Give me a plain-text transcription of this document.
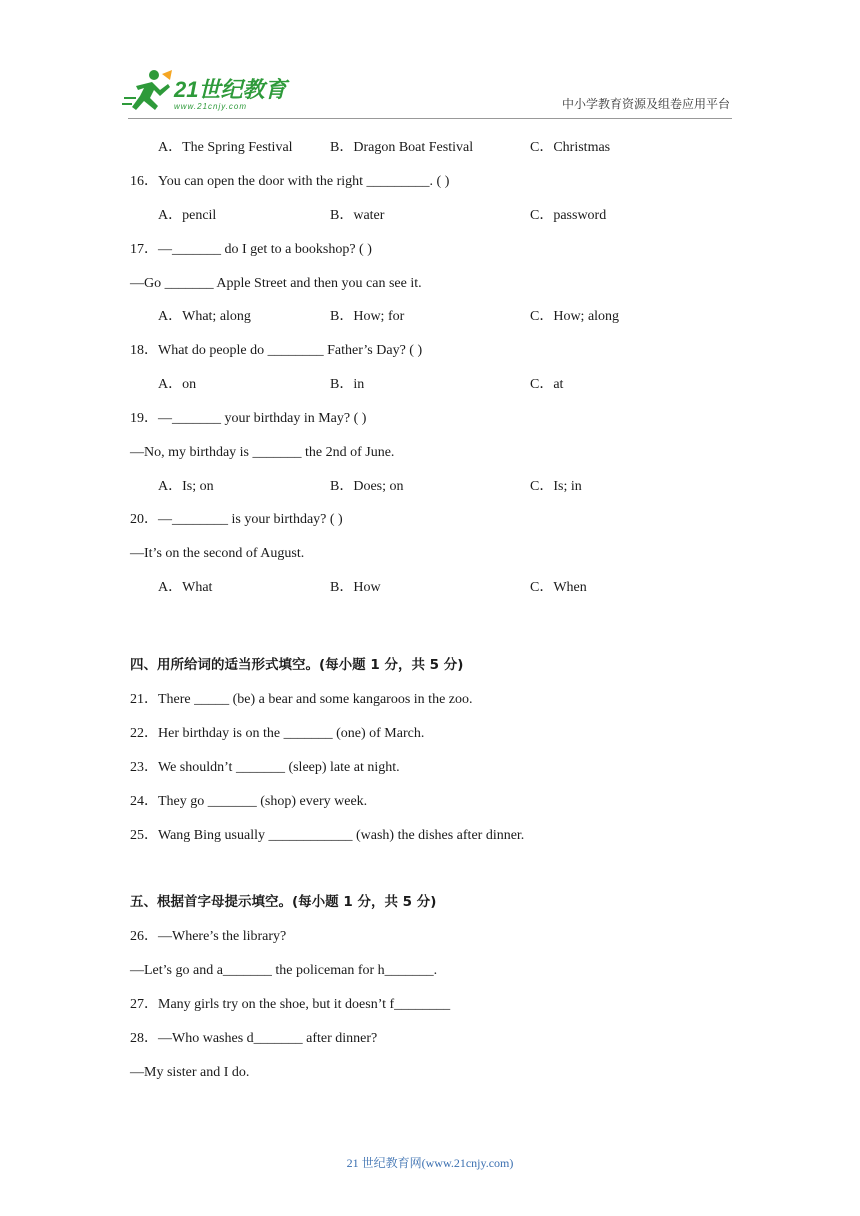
21世纪教育
www.21cnjy.com	中小学教育资源及组卷应用平台
A．The Spring Festival	B．Dragon Boat Festival	C．Christmas
16．You can open the door with the right _________. ( )
A．pencil	B．water	C．password
17．—_______ do I get to a bookshop? ( )
—Go _______ Apple Street and then you can see it.
A．What; along	B．How; for	C．How; along
18．What do people do ________ Father’s Day? ( )
A．on	B．in	C．at
19．—_______ your birthday in May? ( )
—No, my birthday is _______ the 2nd of June.
A．Is; on	B．Does; on	C．Is; in
20．—________ is your birthday? ( )
—It’s on the second of August.
A．What	B．How	C．When
四、用所给词的适当形式填空。(每小题 1 分，共 5 分)
21．There _____ (be) a bear and some kangaroos in the zoo.
22．Her birthday is on the _______ (one) of March.
23．We shouldn’t _______ (sleep) late at night.
24．They go _______ (shop) every week.
25．Wang Bing usually ____________ (wash) the dishes after dinner.
五、根据首字母提示填空。(每小题 1 分，共 5 分)
26．—Where’s the library?
—Let’s go and a_______ the policeman for h_______.
27．Many girls try on the shoe, but it doesn’t f________
28．—Who washes d_______ after dinner?
—My sister and I do.
21 世纪教育网(www.21cnjy.com)
